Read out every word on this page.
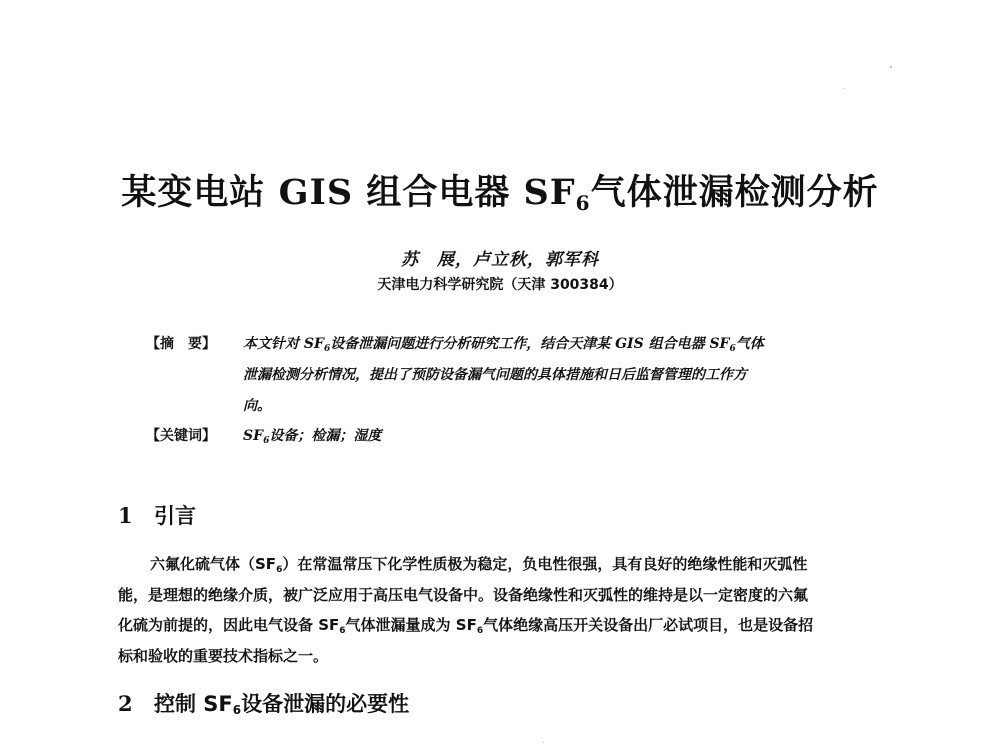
某变电站 GIS 组合电器 $SF_6$气体泄漏检测分析
苏　展，卢立秋，郭军科
天津电力科学研究院（天津 300384）
【摘　要】 本文针对 $SF_6$设备泄漏问题进行分析研究工作，结合天津某 GIS 组合电器 $SF_6$气体
泄漏检测分析情况，提出了预防设备漏气问题的具体措施和日后监督管理的工作方
向。
【关键词】 $SF_6$设备；检漏；湿度
1 引言
六氟化硫气体$(SF_6)$在常温常压下化学性质极为稳定，负电性很强，具有良好的绝缘性能和灭弧性
能，是理想的绝缘介质，被广泛应用于高压电气设备中。设备绝缘性和灭弧性的维持是以一定密度的六氟
化硫为前提的，因此电气设备 $SF_6$气体泄漏量成为 $SF_6$气体绝缘高压开关设备出厂必试项目，也是设备招
标和验收的重要技术指标之一。
2 控制 $SF_6$设备泄漏的必要性
